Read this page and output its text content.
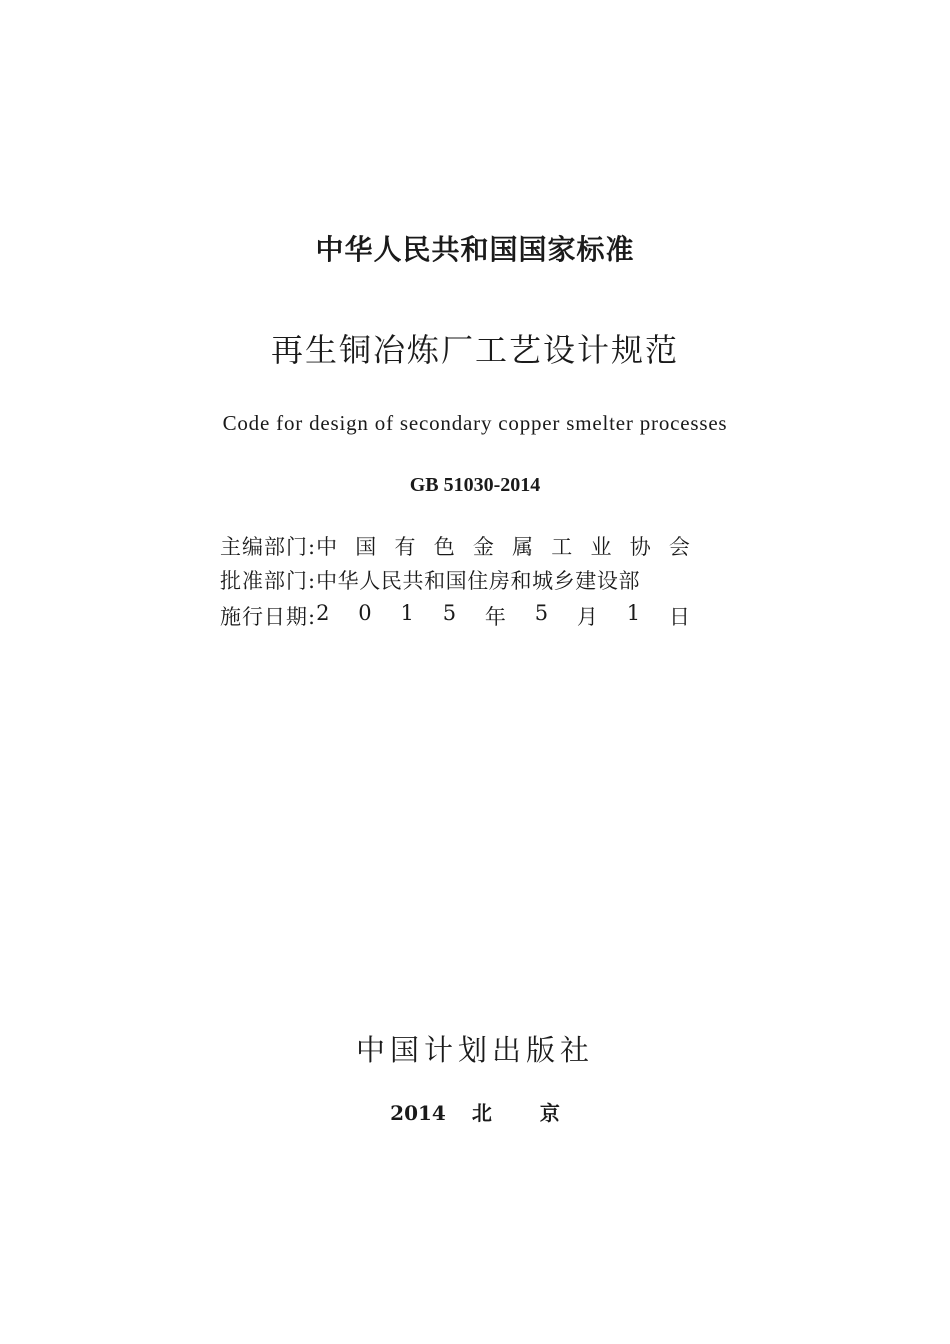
中华人民共和国国家标准
再生铜冶炼厂工艺设计规范
Code for design of secondary copper smelter processes
GB 51030-2014
主编部门: 中 国 有 色 金 属 工 业 协 会
批准部门: 中华人民共和国住房和城乡建设部
施行日期: 2 0 1 5 年 5 月 1 日
中国计划出版社
2014 北 京
